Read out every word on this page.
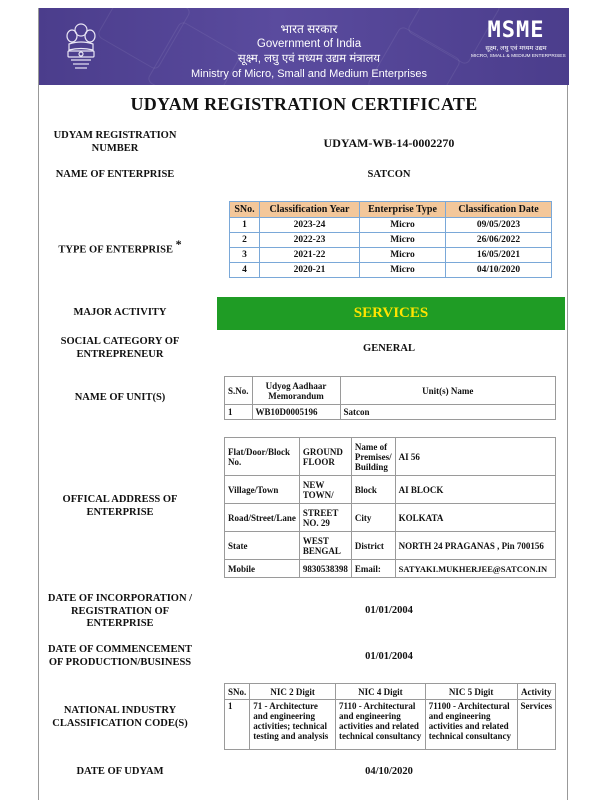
भारत सरकार
Government of India
सूक्ष्म, लघु एवं मध्यम उद्यम मंत्रालय
Ministry of Micro, Small and Medium Enterprises
MSME
सूक्ष्म, लघु एवं मध्यम उद्यम
MICRO, SMALL & MEDIUM ENTERPRISES
UDYAM REGISTRATION CERTIFICATE
UDYAM REGISTRATION
NUMBER	UDYAM-WB-14-0002270
NAME OF ENTERPRISE	SATCON
TYPE OF ENTERPRISE *
SNo.	Classification Year	Enterprise Type	Classification Date
1	2023-24	Micro	09/05/2023
2	2022-23	Micro	26/06/2022
3	2021-22	Micro	16/05/2021
4	2020-21	Micro	04/10/2020
MAJOR ACTIVITY	SERVICES
SOCIAL CATEGORY OF
ENTREPRENEUR	GENERAL
NAME OF UNIT(S)
S.No.	Udyog Aadhaar Memorandum	Unit(s) Name
1	WB10D0005196	Satcon
OFFICAL ADDRESS OF
ENTERPRISE
Flat/Door/Block No.	GROUND FLOOR	Name of Premises/ Building	AI 56
Village/Town	NEW TOWN/	Block	AI BLOCK
Road/Street/Lane	STREET NO. 29	City	KOLKATA
State	WEST BENGAL	District	NORTH 24 PRAGANAS , Pin 700156
Mobile	9830538398	Email:	SATYAKI.MUKHERJEE@SATCON.IN
DATE OF INCORPORATION /
REGISTRATION OF
ENTERPRISE
01/01/2004
DATE OF COMMENCEMENT
OF PRODUCTION/BUSINESS	01/01/2004
NATIONAL INDUSTRY
CLASSIFICATION CODE(S)
SNo.	NIC 2 Digit	NIC 4 Digit	NIC 5 Digit	Activity
1	71 - Architecture and engineering activities; technical testing and analysis	7110 - Architectural and engineering activities and related technical consultancy	71100 - Architectural and engineering activities and related technical consultancy	Services
DATE OF UDYAM	04/10/2020
